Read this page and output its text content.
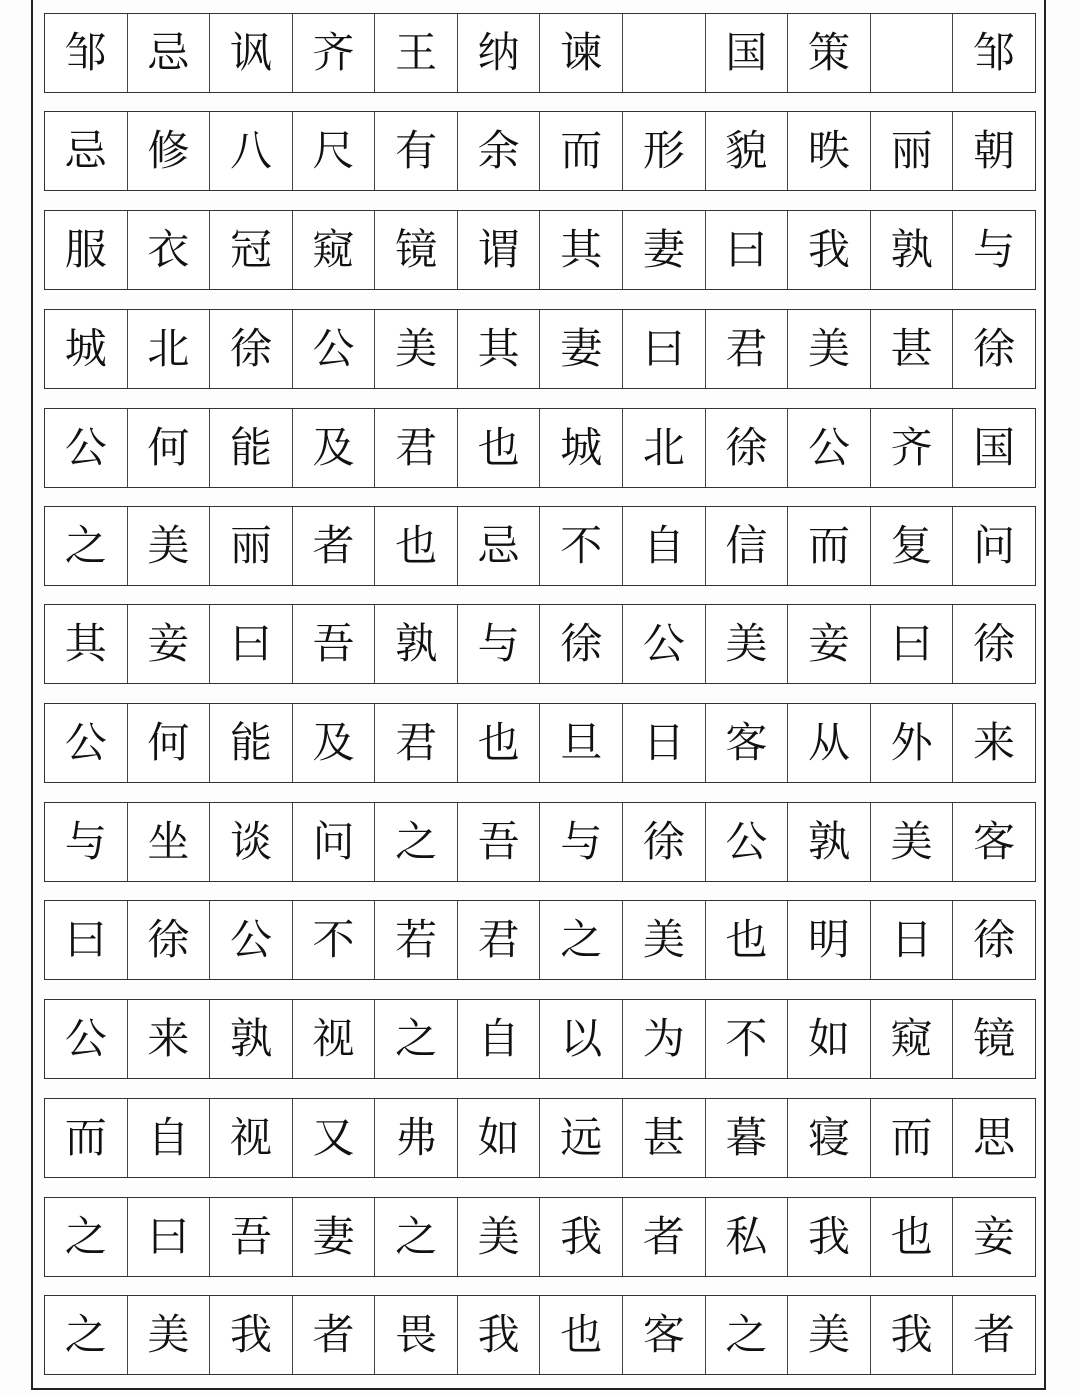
邹 忌 讽 齐 王 纳 谏	国 策	邹
忌 修 八 尺 有 余 而 形 貌 昳 丽 朝
服 衣 冠 窥 镜 谓 其 妻 曰 我 孰 与
城 北 徐 公 美 其 妻 曰 君 美 甚 徐
公 何 能 及 君 也 城 北 徐 公 齐 国
之 美 丽 者 也 忌 不 自 信 而 复 问
其 妾 曰 吾 孰 与 徐 公 美 妾 曰 徐
公 何 能 及 君 也 旦 日 客 从 外 来
与 坐 谈 问 之 吾 与 徐 公 孰 美 客
曰 徐 公 不 若 君 之 美 也 明 日 徐
公 来 孰 视 之 自 以 为 不 如 窥 镜
而 自 视 又 弗 如 远 甚 暮 寝 而 思
之 曰 吾 妻 之 美 我 者 私 我 也 妾
之 美 我 者 畏 我 也 客 之 美 我 者
